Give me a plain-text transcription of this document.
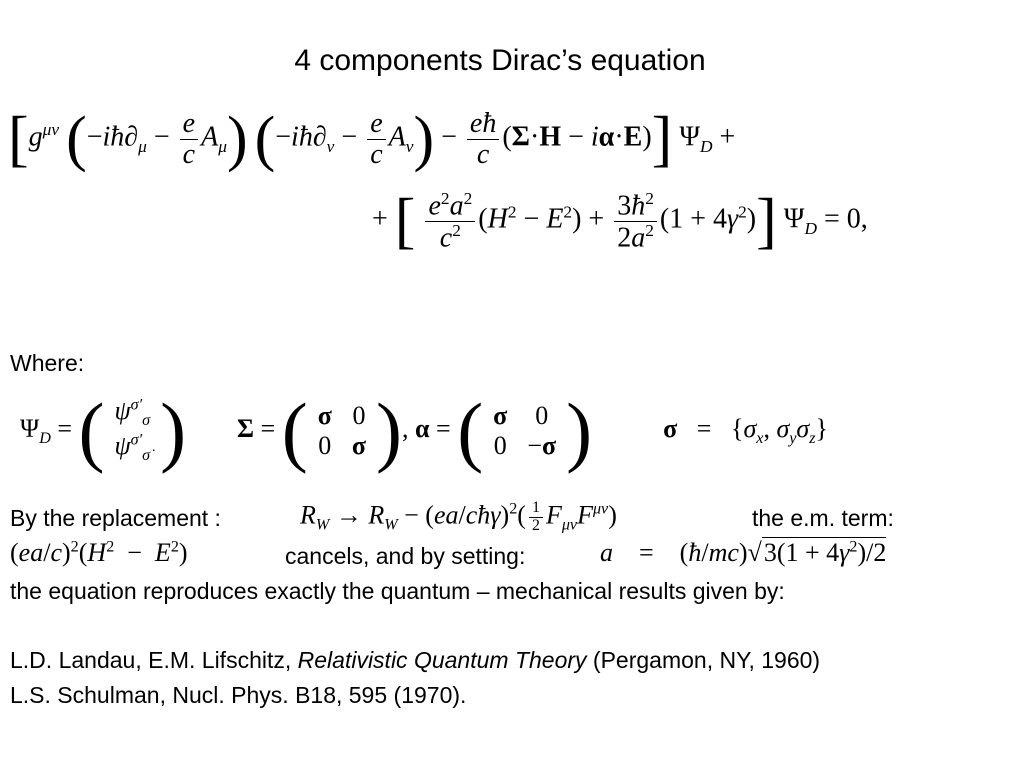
4 components Dirac’s equation
[$g^{\mu\nu}$ $(-iħ\partial_\mu - \frac{e}{c} A_\mu)$ $(-iħ\partial_\nu - \frac{e}{c} A_\nu) - \frac{eħ}{c} (\Sigma\cdot H - i\alpha\cdot E)$] $\Psi_D$ +
+ [ $\frac{e^2a^2}{c^2} (H^2 - E^2) + \frac{3ħ^2}{2a^2} (1 + 4\gamma^2)$] $\Psi_D = 0$,
Where:
$\Psi_D$ = ( $\psi^{\sigma'}_\sigma$
$\psi^{\sigma'}_{\sigmȧ}$ ) Σ = ( σ	0
0	σ ), α = ( σ	0
0	−σ )	$\sigma = \{\sigma_x$, $\sigma_y\sigma_z$}
By the replacement :	$R_W \to R_W$ − (ea/cħγ)$^2$( $\frac{1}{2} F_{\mu\nu}F^{\mu\nu}$)	the e.m. term:
$(ea/c)^2(H^2 - E^2)$	cancels, and by setting:	a    =    (ħ/mc)√3(1 + $4\gamma^2)/2$
the equation reproduces exactly the quantum – mechanical results given by:
L.D. Landau, E.M. Lifschitz, Relativistic Quantum Theory (Pergamon, NY, 1960)
L.S. Schulman, Nucl. Phys. B18, 595 (1970).
